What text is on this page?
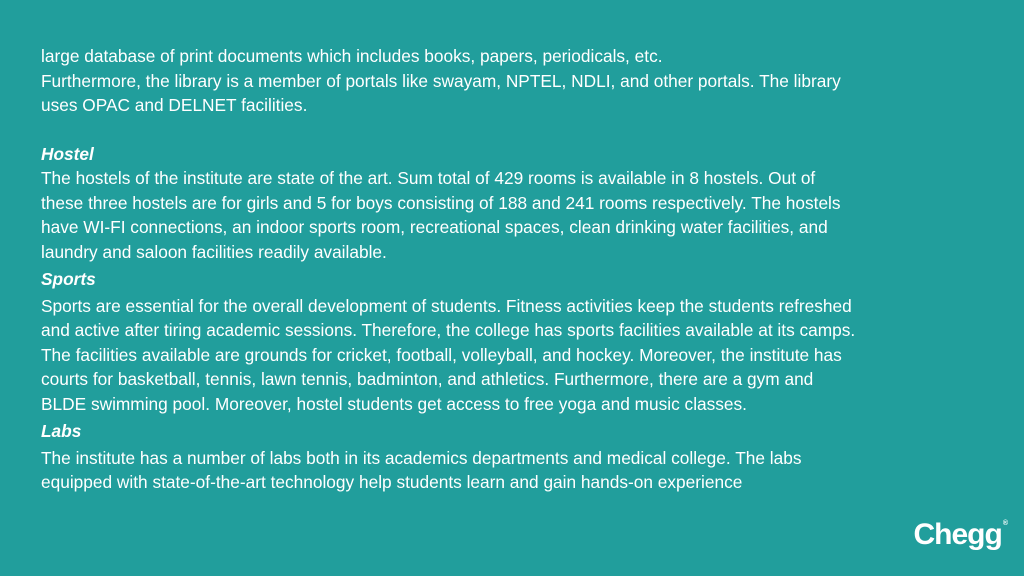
large database of print documents which includes books, papers, periodicals, etc.
Furthermore, the library is a member of portals like swayam, NPTEL, NDLI, and other portals. The library
uses OPAC and DELNET facilities.

Hostel

The hostels of the institute are state of the art. Sum total of 429 rooms is available in 8 hostels. Out of
these three hostels are for girls and 5 for boys consisting of 188 and 241 rooms respectively. The hostels
have WI-FI connections, an indoor sports room, recreational spaces, clean drinking water facilities, and
laundry and saloon facilities readily available.

Sports

Sports are essential for the overall development of students. Fitness activities keep the students refreshed
and active after tiring academic sessions. Therefore, the college has sports facilities available at its camps.
The facilities available are grounds for cricket, football, volleyball, and hockey. Moreover, the institute has
courts for basketball, tennis, lawn tennis, badminton, and athletics. Furthermore, there are a gym and
BLDE swimming pool. Moreover, hostel students get access to free yoga and music classes.

Labs

The institute has a number of labs both in its academics departments and medical college. The labs
equipped with state-of-the-art technology help students learn and gain hands-on experience

Chegg®
